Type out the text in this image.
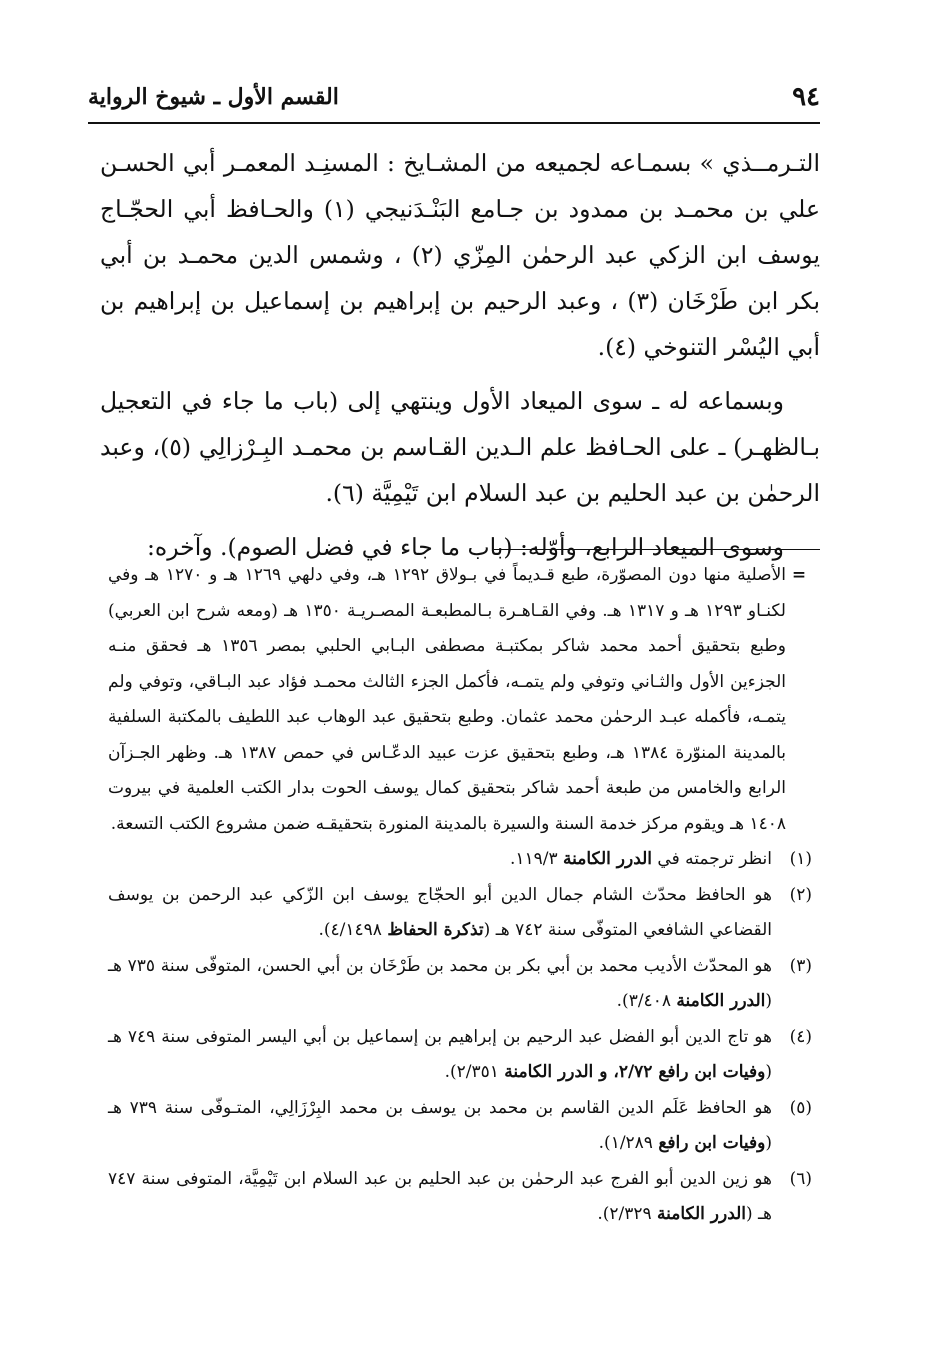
٩٤
القسم الأول ـ شيوخ الرواية

التـرمــذي » بسمـاعه لجميعه من المشـايخ : المسنِـد المعمـر أبي الحسـن علي بن محمـد بن ممدود بن جـامع البَنْـدَنيجي (١) والحـافظ أبي الحجّـاج يوسف ابن الزكي عبد الرحمٰن المِزّي (٢) ، وشمس الدين محمـد بن أبي بكر ابن طَرْخَان (٣) ، وعبد الرحيم بن إبراهيم بن إسماعيل بن إبراهيم بن أبي اليُسْر التنوخي (٤).

وبسماعه له ـ سوى الميعاد الأول وينتهي إلى (باب ما جاء في التعجيل بـالظهـر) ـ على الحـافظ علم الـدين القـاسم بن محمـد البِـرْزالِي (٥)، وعبد الرحمٰن بن عبد الحليم بن عبد السلام ابن تَيْمِيَّة (٦).

وسوى الميعاد الرابع، وأوّله: (باب ما جاء في فضل الصوم). وآخره:

=
الأصلية منها دون المصوّرة، طبع قـديماً في بـولاق ١٢٩٢ هـ، وفي دلهي ١٢٦٩ هـ و ١٢٧٠ هـ وفي لكنـاو ١٢٩٣ هـ و ١٣١٧ هـ. وفي القـاهـرة بـالمطبعـة المصـريـة ١٣٥٠ هـ (ومعه شرح ابن العربي) وطبع بتحقيق أحمد محمد شاكر بمكتبـة مصطفى البـابي الحلبي بمصر ١٣٥٦ هـ فحقق منـه الجزءين الأول والثـاني وتوفي ولم يتمـه، فأكمل الجزء الثالث محمـد فؤاد عبد البـاقي، وتوفي ولم يتمـه، فأكمله عبـد الرحمٰن محمد عثمان. وطبع بتحقيق عبد الوهاب عبد اللطيف بالمكتبة السلفية بالمدينة المنوّرة ١٣٨٤ هـ، وطبع بتحقيق عزت عبيد الدعّـاس في حمص ١٣٨٧ هـ. وظهر الجـزآن الرابع والخامس من طبعة أحمد شاكر بتحقيق كمال يوسف الحوت بدار الكتب العلمية في بيروت ١٤٠٨ هـ ويقوم مركز خدمة السنة والسيرة بالمدينة المنورة بتحقيقـه ضمن مشروع الكتب التسعة.
(١)
انظر ترجمته في الدرر الكامنة ١١٩/٣.
(٢)
هو الحافظ محدّث الشام جمال الدين أبو الحجّاج يوسف ابن الزّكي عبد الرحمن بن يوسف القضاعي الشافعي المتوفّى سنة ٧٤٢ هـ (تذكرة الحفاظ ٤/١٤٩٨).
(٣)
هو المحدّث الأديب محمد بن أبي بكر بن محمد بن طَرْخَان بن أبي الحسن، المتوفّى سنة ٧٣٥ هـ (الدرر الكامنة ٣/٤٠٨).
(٤)
هو تاج الدين أبو الفضل عبد الرحيم بن إبراهيم بن إسماعيل بن أبي اليسر المتوفى سنة ٧٤٩ هـ (وفيات ابن رافع ٢/٧٢، و الدرر الكامنة ٢/٣٥١).
(٥)
هو الحافظ عَلَم الدين القاسم بن محمد بن يوسف بن محمد البِرْزَالِي، المتـوفّى سنة ٧٣٩ هـ (وفيات ابن رافع ١/٢٨٩).
(٦)
هو زين الدين أبو الفرج عبد الرحمٰن بن عبد الحليم بن عبد السلام ابن تَيْمِيَّة، المتوفى سنة ٧٤٧ هـ (الدرر الكامنة ٢/٣٢٩).
